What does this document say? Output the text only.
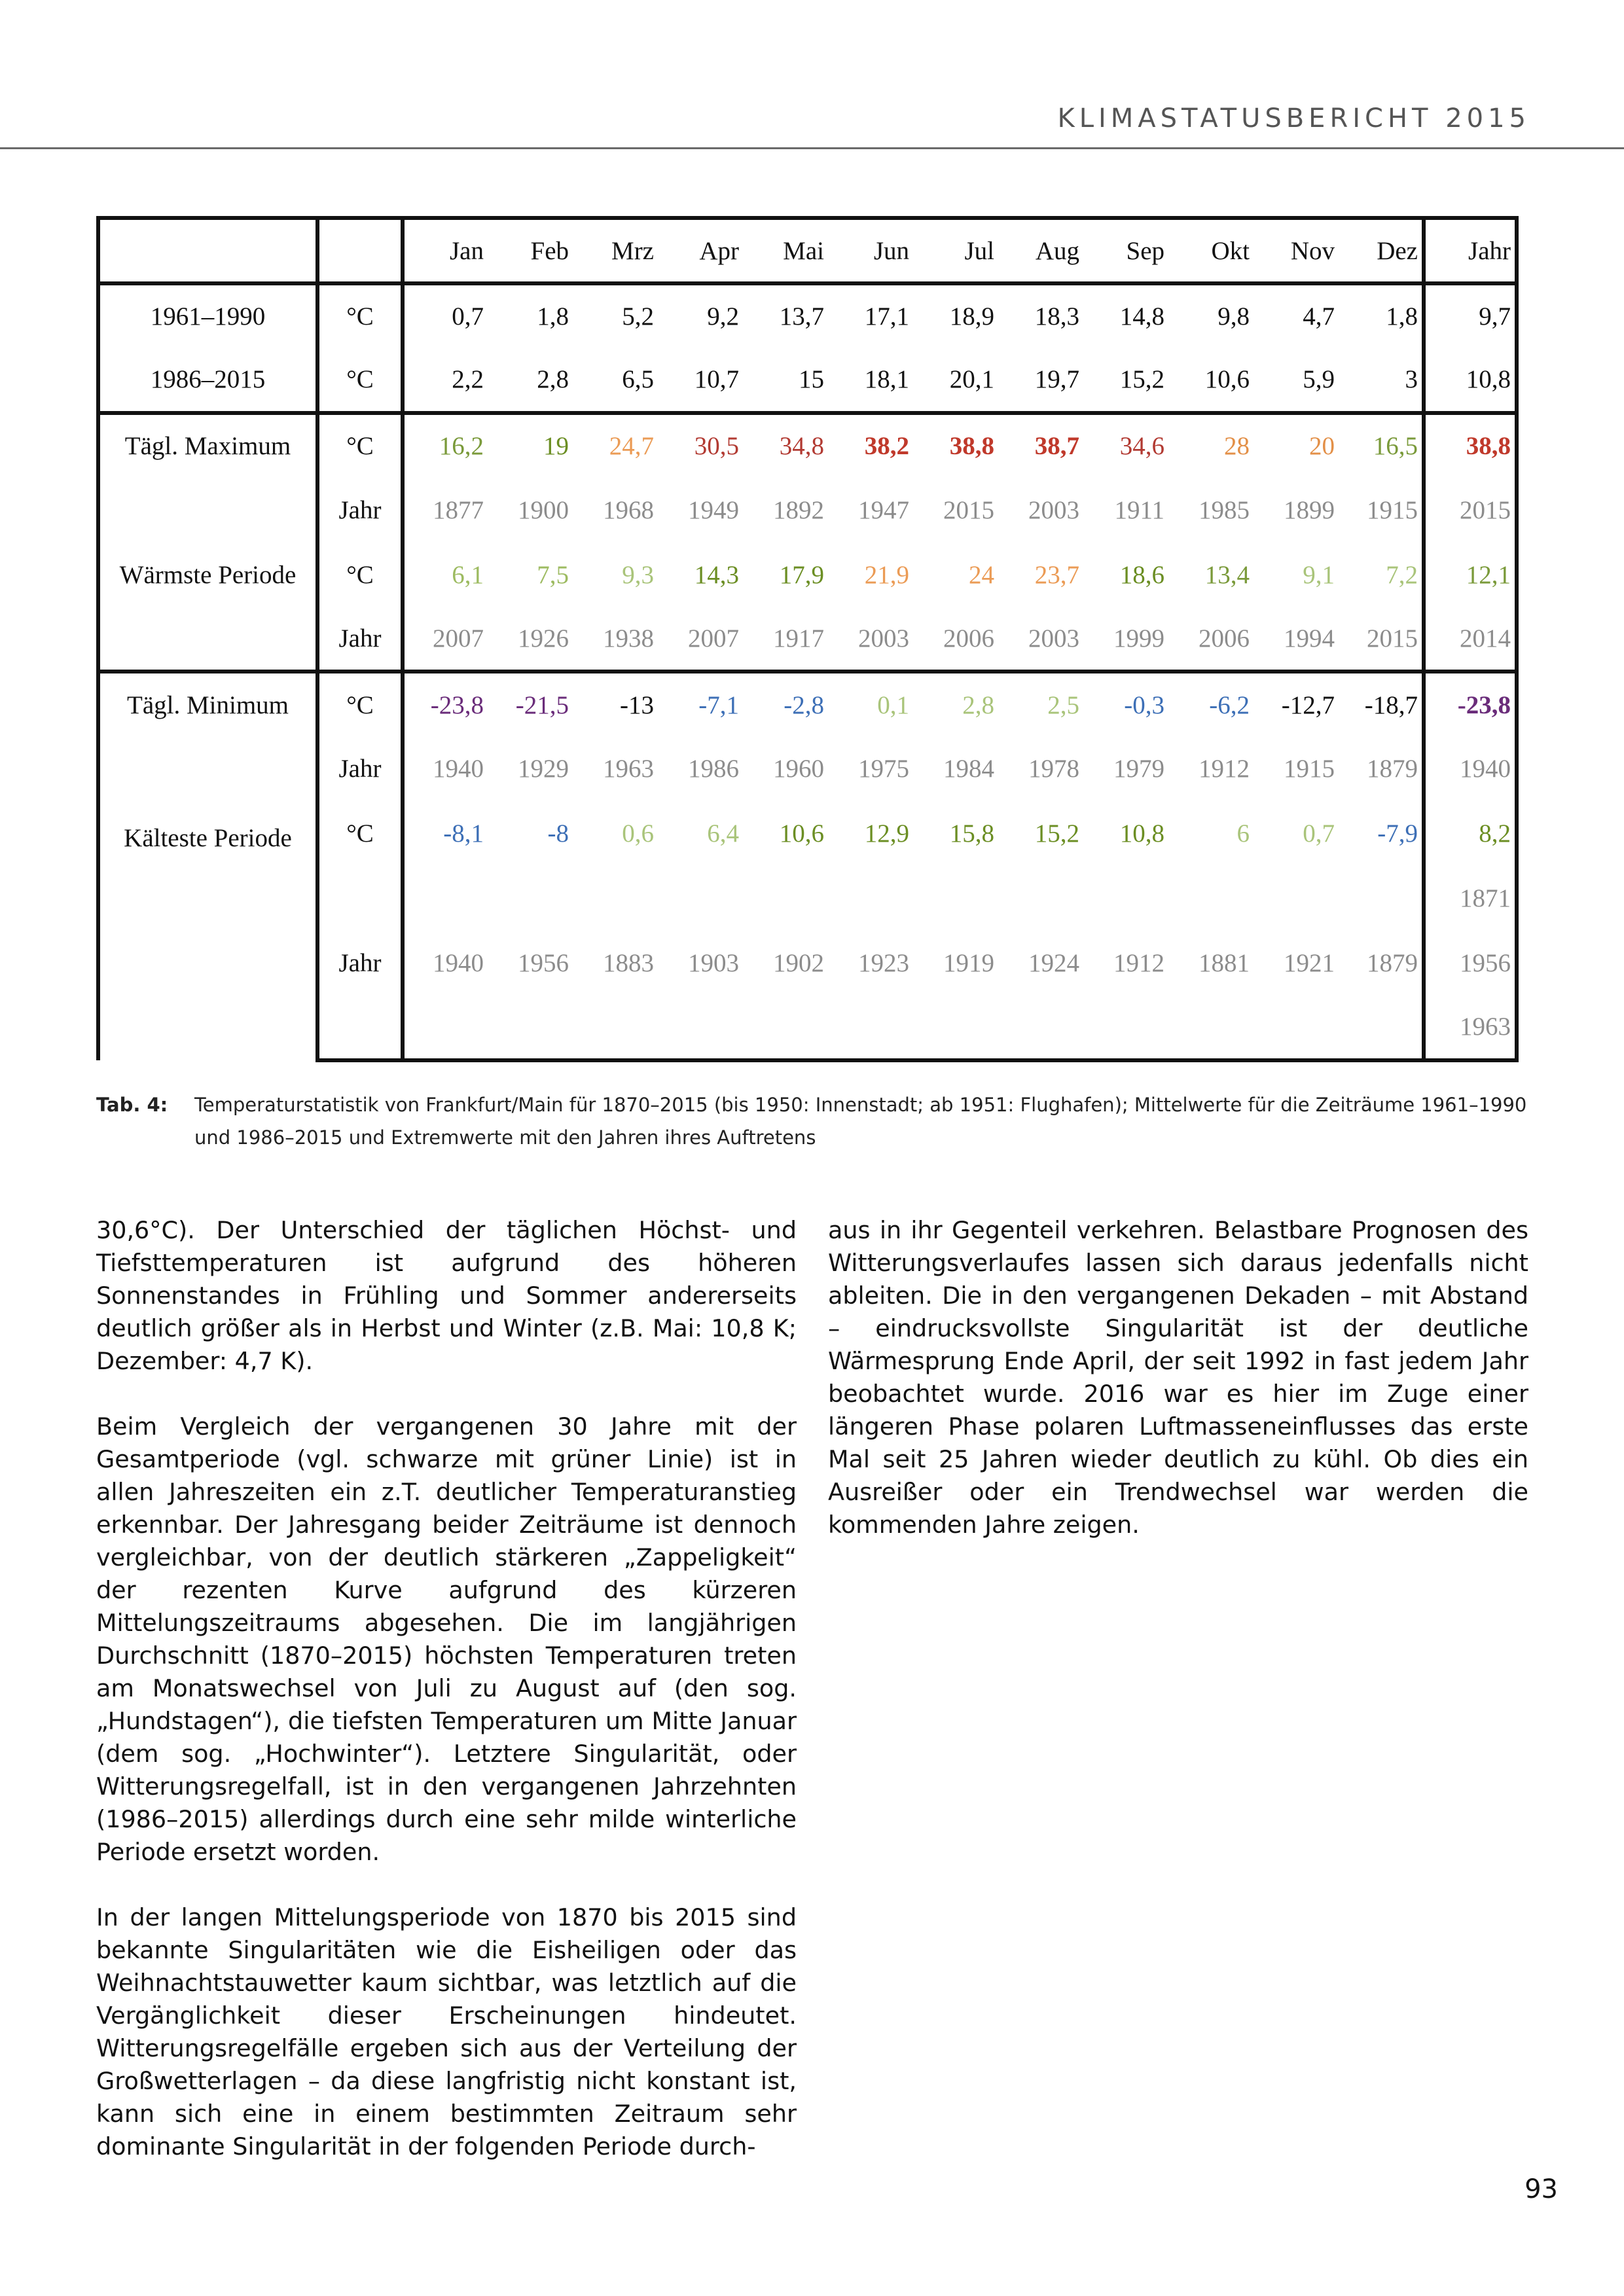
KLIMASTATUSBERICHT 2015
		Jan	Feb	Mrz	Apr	Mai	Jun	Jul	Aug	Sep	Okt	Nov	Dez	Jahr
1961–1990	°C	0,7	1,8	5,2	9,2	13,7	17,1	18,9	18,3	14,8	9,8	4,7	1,8	9,7
1986–2015	°C	2,2	2,8	6,5	10,7	15	18,1	20,1	19,7	15,2	10,6	5,9	3	10,8
Tägl. Maximum	°C	16,2	19	24,7	30,5	34,8	38,2	38,8	38,7	34,6	28	20	16,5	38,8
	Jahr	1877	1900	1968	1949	1892	1947	2015	2003	1911	1985	1899	1915	2015
Wärmste Periode	°C	6,1	7,5	9,3	14,3	17,9	21,9	24	23,7	18,6	13,4	9,1	7,2	12,1
	Jahr	2007	1926	1938	2007	1917	2003	2006	2003	1999	2006	1994	2015	2014
Tägl. Minimum	°C	-23,8	-21,5	-13	-7,1	-2,8	0,1	2,8	2,5	-0,3	-6,2	-12,7	-18,7	-23,8
	Jahr	1940	1929	1963	1986	1960	1975	1984	1978	1979	1912	1915	1879	1940
Kälteste Periode	°C	-8,1	-8	0,6	6,4	10,6	12,9	15,8	15,2	10,8	6	0,7	-7,9	8,2
														1871
	Jahr	1940	1956	1883	1903	1902	1923	1919	1924	1912	1881	1921	1879	1956
														1963
Tab. 4: Temperaturstatistik von Frankfurt/Main für 1870–2015 (bis 1950: Innenstadt; ab 1951: Flughafen); Mittelwerte für die Zeiträume 1961–1990 und 1986–2015 und Extremwerte mit den Jahren ihres Auftretens

30,6°C). Der Unterschied der täglichen Höchst- und Tiefsttemperaturen ist aufgrund des höheren Sonnenstandes in Frühling und Sommer andererseits deutlich größer als in Herbst und Winter (z.B. Mai: 10,8 K; Dezember: 4,7 K).

Beim Vergleich der vergangenen 30 Jahre mit der Gesamtperiode (vgl. schwarze mit grüner Linie) ist in allen Jahreszeiten ein z.T. deutlicher Temperaturanstieg erkennbar. Der Jahresgang beider Zeiträume ist dennoch vergleichbar, von der deutlich stärkeren „Zappeligkeit“ der rezenten Kurve aufgrund des kürzeren Mittelungszeitraums abgesehen. Die im langjährigen Durchschnitt (1870–2015) höchsten Temperaturen treten am Monatswechsel von Juli zu August auf (den sog. „Hundstagen“), die tiefsten Temperaturen um Mitte Januar (dem sog. „Hochwinter“). Letztere Singularität, oder Witterungsregelfall, ist in den vergangenen Jahrzehnten (1986–2015) allerdings durch eine sehr milde winterliche Periode ersetzt worden.

In der langen Mittelungsperiode von 1870 bis 2015 sind bekannte Singularitäten wie die Eisheiligen oder das Weihnachtstauwetter kaum sichtbar, was letztlich auf die Vergänglichkeit dieser Erscheinungen hindeutet. Witterungsregelfälle ergeben sich aus der Verteilung der Großwetterlagen – da diese langfristig nicht konstant ist, kann sich eine in einem bestimmten Zeitraum sehr dominante Singularität in der folgenden Periode durch-

aus in ihr Gegenteil verkehren. Belastbare Prognosen des Witterungsverlaufes lassen sich daraus jedenfalls nicht ableiten. Die in den vergangenen Dekaden – mit Abstand – eindrucksvollste Singularität ist der deutliche Wärmesprung Ende April, der seit 1992 in fast jedem Jahr beobachtet wurde. 2016 war es hier im Zuge einer längeren Phase polaren Luftmasseneinflusses das erste Mal seit 25 Jahren wieder deutlich zu kühl. Ob dies ein Ausreißer oder ein Trendwechsel war werden die kommenden Jahre zeigen.

93
